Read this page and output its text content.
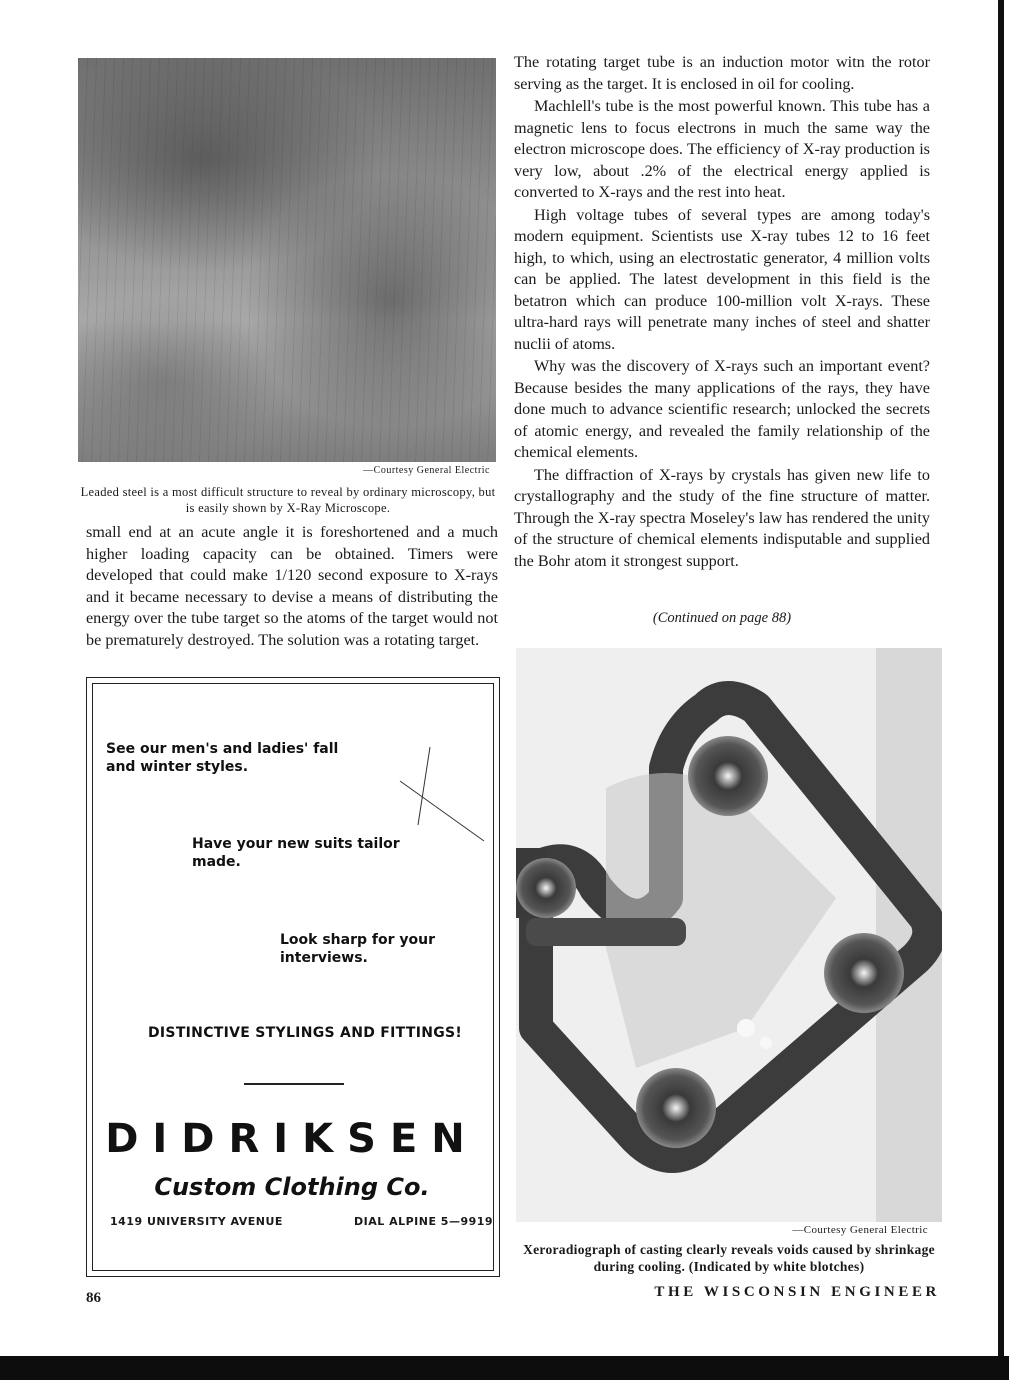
—Courtesy General Electric
Leaded steel is a most difficult structure to reveal by ordinary microscopy, but is easily shown by X-Ray Microscope.

small end at an acute angle it is foreshortened and a much higher loading capacity can be obtained. Timers were developed that could make 1/120 second exposure to X-rays and it became necessary to devise a means of distributing the energy over the tube target so the atoms of the target would not be prematurely destroyed. The solution was a rotating target.

The rotating target tube is an induction motor witn the rotor serving as the target. It is enclosed in oil for cooling.

Machlell's tube is the most powerful known. This tube has a magnetic lens to focus electrons in much the same way the electron microscope does. The efficiency of X-ray production is very low, about .2% of the electrical energy applied is converted to X-rays and the rest into heat.

High voltage tubes of several types are among today's modern equipment. Scientists use X-ray tubes 12 to 16 feet high, to which, using an electrostatic generator, 4 million volts can be applied. The latest development in this field is the betatron which can produce 100-million volt X-rays. These ultra-hard rays will penetrate many inches of steel and shatter nuclii of atoms.

Why was the discovery of X-rays such an important event? Because besides the many applications of the rays, they have done much to advance scientific research; unlocked the secrets of atomic energy, and revealed the family relationship of the chemical elements.

The diffraction of X-rays by crystals has given new life to crystallography and the study of the fine structure of matter. Through the X-ray spectra Moseley's law has rendered the unity of the structure of chemical elements indisputable and supplied the Bohr atom it strongest support.

(Continued on page 88)
See our men's and ladies' fall and winter styles.
Have your new suits tailor made.
Look sharp for your interviews.
DISTINCTIVE STYLINGS AND FITTINGS!
DIDRIKSEN
Custom Clothing Co.
1419 UNIVERSITY AVENUE	DIAL ALPINE 5—9919
—Courtesy General Electric
Xeroradiograph of casting clearly reveals voids caused by shrinkage during cooling. (Indicated by white blotches)
86	THE WISCONSIN ENGINEER
